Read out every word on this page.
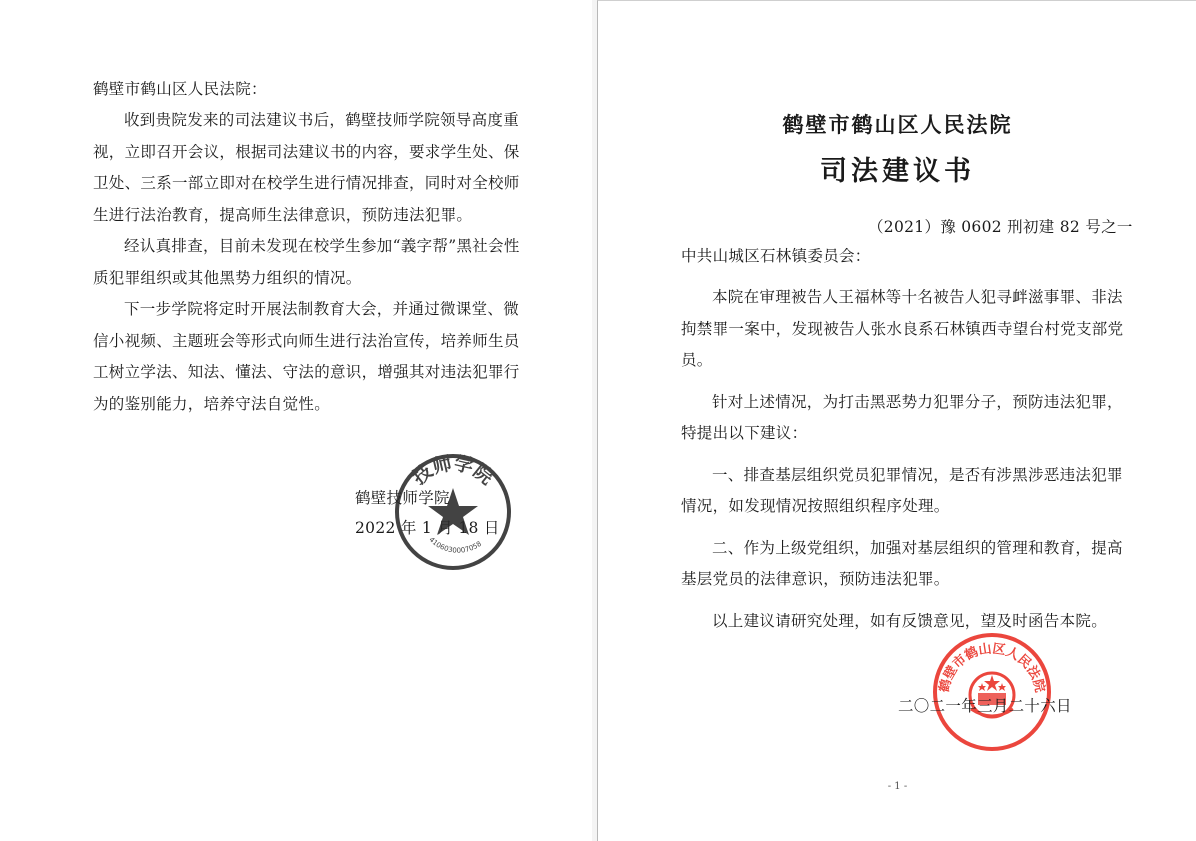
鹤壁市鹤山区人民法院：

收到贵院发来的司法建议书后，鹤壁技师学院领导高度重视，立即召开会议，根据司法建议书的内容，要求学生处、保卫处、三系一部立即对在校学生进行情况排查，同时对全校师生进行法治教育，提高师生法律意识，预防违法犯罪。

经认真排查，目前未发现在校学生参加“義字帮”黑社会性质犯罪组织或其他黑势力组织的情况。

下一步学院将定时开展法制教育大会，并通过微课堂、微信小视频、主题班会等形式向师生进行法治宣传，培养师生员工树立学法、知法、懂法、守法的意识，增强其对违法犯罪行为的鉴别能力，培养守法自觉性。

鹤壁技师学院
2022 年 1 月 18 日
技师学院
4106030007058
鹤壁市鹤山区人民法院
司法建议书
（2021）豫 0602 刑初建 82 号之一
中共山城区石林镇委员会：

本院在审理被告人王福林等十名被告人犯寻衅滋事罪、非法拘禁罪一案中，发现被告人张水良系石林镇西寺望台村党支部党员。

针对上述情况，为打击黑恶势力犯罪分子，预防违法犯罪，特提出以下建议：

一、排查基层组织党员犯罪情况，是否有涉黑涉恶违法犯罪情况，如发现情况按照组织程序处理。

二、作为上级党组织，加强对基层组织的管理和教育，提高基层党员的法律意识，预防违法犯罪。

以上建议请研究处理，如有反馈意见，望及时函告本院。

鹤壁市鹤山区人民法院
二〇二一年三月二十六日
- 1 -
